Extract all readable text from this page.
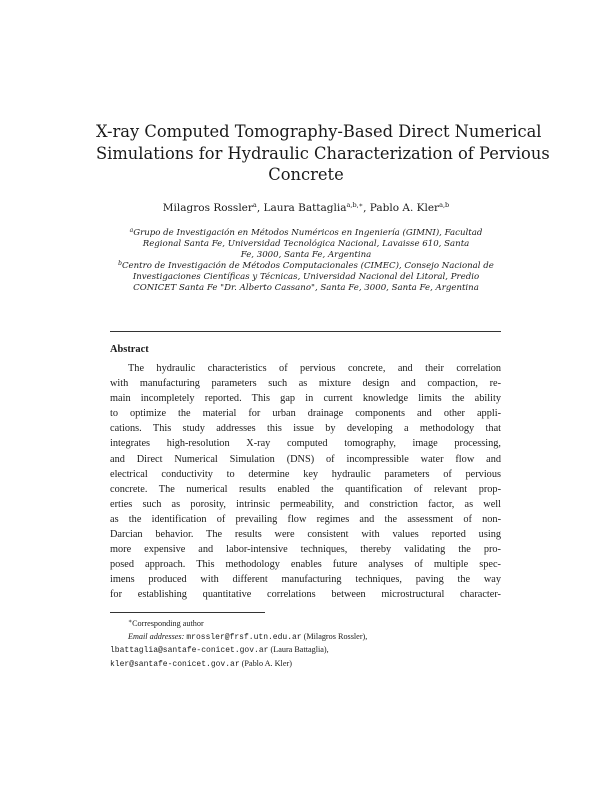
X-ray Computed Tomography-Based Direct Numerical
Simulations for Hydraulic Characterization of Pervious
Concrete
Milagros Rossler$^a$, Laura Battaglia$^{a,b,∗}$, Pablo A. Kler$^{a,b}$
$^a$Grupo de Investigación en Métodos Numéricos en Ingeniería (GIMNI), Facultad
Regional Santa Fe, Universidad Tecnológica Nacional, Lavaisse 610, Santa
Fe, 3000, Santa Fe, Argentina
$^b$Centro de Investigación de Métodos Computacionales (CIMEC), Consejo Nacional de
Investigaciones Científicas y Técnicas, Universidad Nacional del Litoral, Predio
CONICET Santa Fe "Dr. Alberto Cassano", Santa Fe, 3000, Santa Fe, Argentina
Abstract
The hydraulic characteristics of pervious concrete, and their correlation
with manufacturing parameters such as mixture design and compaction, re-
main incompletely reported. This gap in current knowledge limits the ability
to optimize the material for urban drainage components and other appli-
cations. This study addresses this issue by developing a methodology that
integrates high-resolution X-ray computed tomography, image processing,
and Direct Numerical Simulation (DNS) of incompressible water flow and
electrical conductivity to determine key hydraulic parameters of pervious
concrete. The numerical results enabled the quantification of relevant prop-
erties such as porosity, intrinsic permeability, and constriction factor, as well
as the identification of prevailing flow regimes and the assessment of non-
Darcian behavior. The results were consistent with values reported using
more expensive and labor-intensive techniques, thereby validating the pro-
posed approach. This methodology enables future analyses of multiple spec-
imens produced with different manufacturing techniques, paving the way
for establishing quantitative correlations between microstructural character-
∗Corresponding author
Email addresses: mrossler@frsf.utn.edu.ar (Milagros Rossler),
lbattaglia@santafe-conicet.gov.ar (Laura Battaglia),
kler@santafe-conicet.gov.ar (Pablo A. Kler)
